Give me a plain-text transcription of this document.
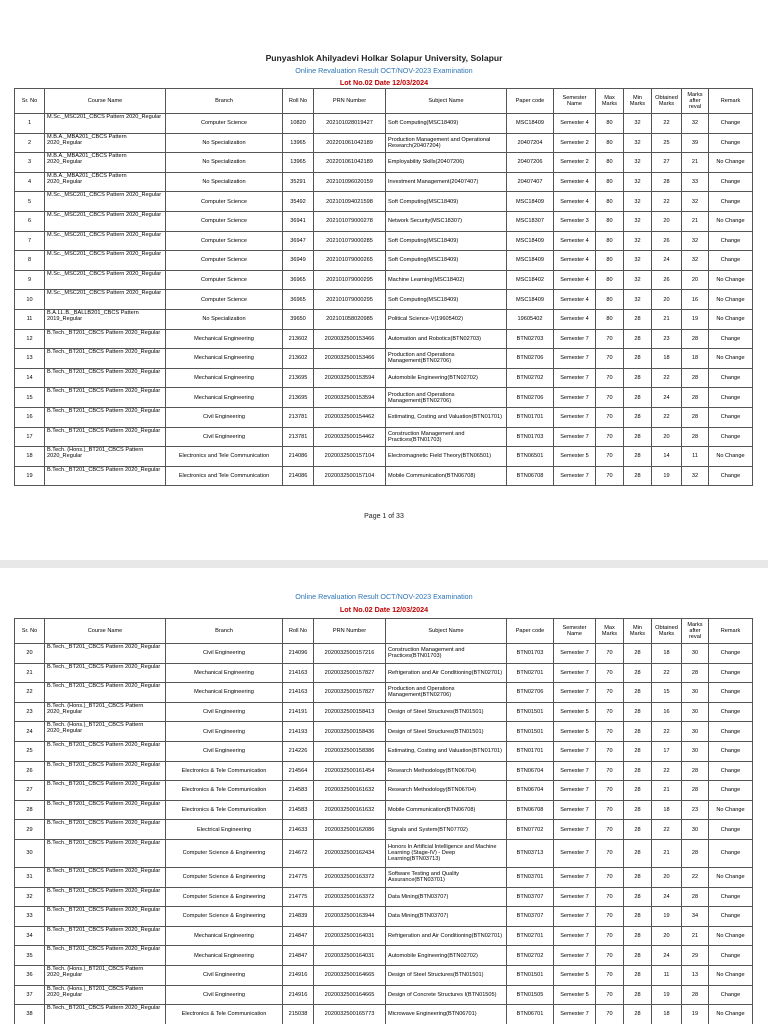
Punyashlok Ahilyadevi Holkar Solapur University, Solapur
Online Revaluation Result OCT/NOV-2023 Examination
Lot No.02 Date 12/03/2024
Sr. No	Course Name	Branch	Roll No	PRN Number	Subject Name	Paper code	Semester Name	Max Marks	Min Marks	Obtained Marks	Marks after reval	Remark
1	M.Sc._MSC201_CBCS Pattern 2020_Regular	Computer Science	10820	2021010280194​27	Soft Computing(MSC18409)	MSC18409	Semester 4	80	32	22	32	Change
2	M.B.A._MBA201_CBCS Pattern 2020_Regular	No Specialization	13965	2022010610421​89	Production Management and Operational Research(20407204)	20407204	Semester 2	80	32	25	39	Change
3	M.B.A._MBA201_CBCS Pattern 2020_Regular	No Specialization	13965	2022010610421​89	Employability Skills(20407206)	20407206	Semester 2	80	32	27	21	No Change
4	M.B.A._MBA201_CBCS Pattern 2020_Regular	No Specialization	35291	2021010960201​59	Investment Management(20407407)	20407407	Semester 4	80	32	28	33	Change
5	M.Sc._MSC201_CBCS Pattern 2020_Regular	Computer Science	35492	2021010940215​98	Soft Computing(MSC18409)	MSC18409	Semester 4	80	32	22	32	Change
6	M.Sc._MSC201_CBCS Pattern 2020_Regular	Computer Science	36941	2021010790002​78	Network Security(MSC18307)	MSC18307	Semester 3	80	32	20	21	No Change
7	M.Sc._MSC201_CBCS Pattern 2020_Regular	Computer Science	36947	2021010790002​85	Soft Computing(MSC18409)	MSC18409	Semester 4	80	32	26	32	Change
8	M.Sc._MSC201_CBCS Pattern 2020_Regular	Computer Science	36949	2021010790002​65	Soft Computing(MSC18409)	MSC18409	Semester 4	80	32	24	32	Change
9	M.Sc._MSC201_CBCS Pattern 2020_Regular	Computer Science	36965	2021010790002​95	Machine Learning(MSC18402)	MSC18402	Semester 4	80	32	26	20	No Change
10	M.Sc._MSC201_CBCS Pattern 2020_Regular	Computer Science	36965	2021010790002​95	Soft Computing(MSC18409)	MSC18409	Semester 4	80	32	20	16	No Change
11	B.A.LL.B._BALLB201_CBCS Pattern 2019_Regular	No Specialization	39650	2021010580209​85	Political Science-V(19605402)	19605402	Semester 4	80	28	21	19	No Change
12	B.Tech._BT201_CBCS Pattern 2020_Regular	Mechanical Engineering	213602	2020032500153​466	Automation and Robotics(BTN02703)	BTN02703	Semester 7	70	28	23	28	Change
13	B.Tech._BT201_CBCS Pattern 2020_Regular	Mechanical Engineering	213602	2020032500153​466	Production and Operations Management(BTN02706)	BTN02706	Semester 7	70	28	18	18	No Change
14	B.Tech._BT201_CBCS Pattern 2020_Regular	Mechanical Engineering	213695	2020032500153​594	Automobile Engineering(BTN02702)	BTN02702	Semester 7	70	28	22	28	Change
15	B.Tech._BT201_CBCS Pattern 2020_Regular	Mechanical Engineering	213695	2020032500153​594	Production and Operations Management(BTN02706)	BTN02706	Semester 7	70	28	24	28	Change
16	B.Tech._BT201_CBCS Pattern 2020_Regular	Civil Engineering	213781	2020032500154​462	Estimating, Costing and Valuation(BTN01701)	BTN01701	Semester 7	70	28	22	28	Change
17	B.Tech._BT201_CBCS Pattern 2020_Regular	Civil Engineering	213781	2020032500154​462	Construction Management and Practices(BTN01703)	BTN01703	Semester 7	70	28	20	28	Change
18	B.Tech. (Hons.)_BT201_CBCS Pattern 2020_Regular	Electronics and Tele Communication	214086	2020032500157​104	Electromagnetic Field Theory(BTN06501)	BTN06501	Semester 5	70	28	14	11	No Change
19	B.Tech._BT201_CBCS Pattern 2020_Regular	Electronics and Tele Communication	214086	2020032500157​104	Mobile Communication(BTN06708)	BTN06708	Semester 7	70	28	19	32	Change
Page 1 of 33
Online Revaluation Result OCT/NOV-2023 Examination
Lot No.02 Date 12/03/2024
Sr. No	Course Name	Branch	Roll No	PRN Number	Subject Name	Paper code	Semester Name	Max Marks	Min Marks	Obtained Marks	Marks after reval	Remark
20	B.Tech._BT201_CBCS Pattern 2020_Regular	Civil Engineering	214096	2020032500157​216	Construction Management and Practices(BTN01703)	BTN01703	Semester 7	70	28	18	30	Change
21	B.Tech._BT201_CBCS Pattern 2020_Regular	Mechanical Engineering	214163	2020032500157​827	Refrigeration and Air Conditioning(BTN02701)	BTN02701	Semester 7	70	28	22	28	Change
22	B.Tech._BT201_CBCS Pattern 2020_Regular	Mechanical Engineering	214163	2020032500157​827	Production and Operations Management(BTN02706)	BTN02706	Semester 7	70	28	15	30	Change
23	B.Tech. (Hons.)_BT201_CBCS Pattern 2020_Regular	Civil Engineering	214191	2020032500158​413	Design of Steel Structures(BTN01501)	BTN01501	Semester 5	70	28	16	30	Change
24	B.Tech. (Hons.)_BT201_CBCS Pattern 2020_Regular	Civil Engineering	214193	2020032500158​436	Design of Steel Structures(BTN01501)	BTN01501	Semester 5	70	28	22	30	Change
25	B.Tech._BT201_CBCS Pattern 2020_Regular	Civil Engineering	214226	2020032500158​386	Estimating, Costing and Valuation(BTN01701)	BTN01701	Semester 7	70	28	17	30	Change
26	B.Tech._BT201_CBCS Pattern 2020_Regular	Electronics & Tele Communication	214564	2020032500161​454	Research Methodology(BTN06704)	BTN06704	Semester 7	70	28	22	28	Change
27	B.Tech._BT201_CBCS Pattern 2020_Regular	Electronics & Tele Communication	214583	2020032500161​632	Research Methodology(BTN06704)	BTN06704	Semester 7	70	28	21	28	Change
28	B.Tech._BT201_CBCS Pattern 2020_Regular	Electronics & Tele Communication	214583	2020032500161​632	Mobile Communication(BTN06708)	BTN06708	Semester 7	70	28	18	23	No Change
29	B.Tech._BT201_CBCS Pattern 2020_Regular	Electrical Engineering	214633	2020032500162​086	Signals and System(BTN07702)	BTN07702	Semester 7	70	28	22	30	Change
30	B.Tech._BT201_CBCS Pattern 2020_Regular	Computer Science & Engineering	214672	2020032500162​434	Honors In Artificial Intelligence and Machine Learning (Stage-IV) - Deep Learning(BTN03713)	BTN03713	Semester 7	70	28	21	28	Change
31	B.Tech._BT201_CBCS Pattern 2020_Regular	Computer Science & Engineering	214775	2020032500163​372	Software Testing and Quality Assurance(BTN03701)	BTN03701	Semester 7	70	28	20	22	No Change
32	B.Tech._BT201_CBCS Pattern 2020_Regular	Computer Science & Engineering	214775	2020032500163​372	Data Mining(BTN03707)	BTN03707	Semester 7	70	28	24	28	Change
33	B.Tech._BT201_CBCS Pattern 2020_Regular	Computer Science & Engineering	214839	2020032500163​944	Data Mining(BTN03707)	BTN03707	Semester 7	70	28	19	34	Change
34	B.Tech._BT201_CBCS Pattern 2020_Regular	Mechanical Engineering	214847	2020032500164​031	Refrigeration and Air Conditioning(BTN02701)	BTN02701	Semester 7	70	28	20	21	No Change
35	B.Tech._BT201_CBCS Pattern 2020_Regular	Mechanical Engineering	214847	2020032500164​031	Automobile Engineering(BTN02702)	BTN02702	Semester 7	70	28	24	29	Change
36	B.Tech. (Hons.)_BT201_CBCS Pattern 2020_Regular	Civil Engineering	214916	2020032500164​665	Design of Steel Structures(BTN01501)	BTN01501	Semester 5	70	28	11	13	No Change
37	B.Tech. (Hons.)_BT201_CBCS Pattern 2020_Regular	Civil Engineering	214916	2020032500164​665	Design of Concrete Structures I(BTN01505)	BTN01505	Semester 5	70	28	19	28	Change
38	B.Tech._BT201_CBCS Pattern 2020_Regular	Electronics & Tele Communication	215038	2020032500165​773	Microwave Engineering(BTN06701)	BTN06701	Semester 7	70	28	18	19	No Change
